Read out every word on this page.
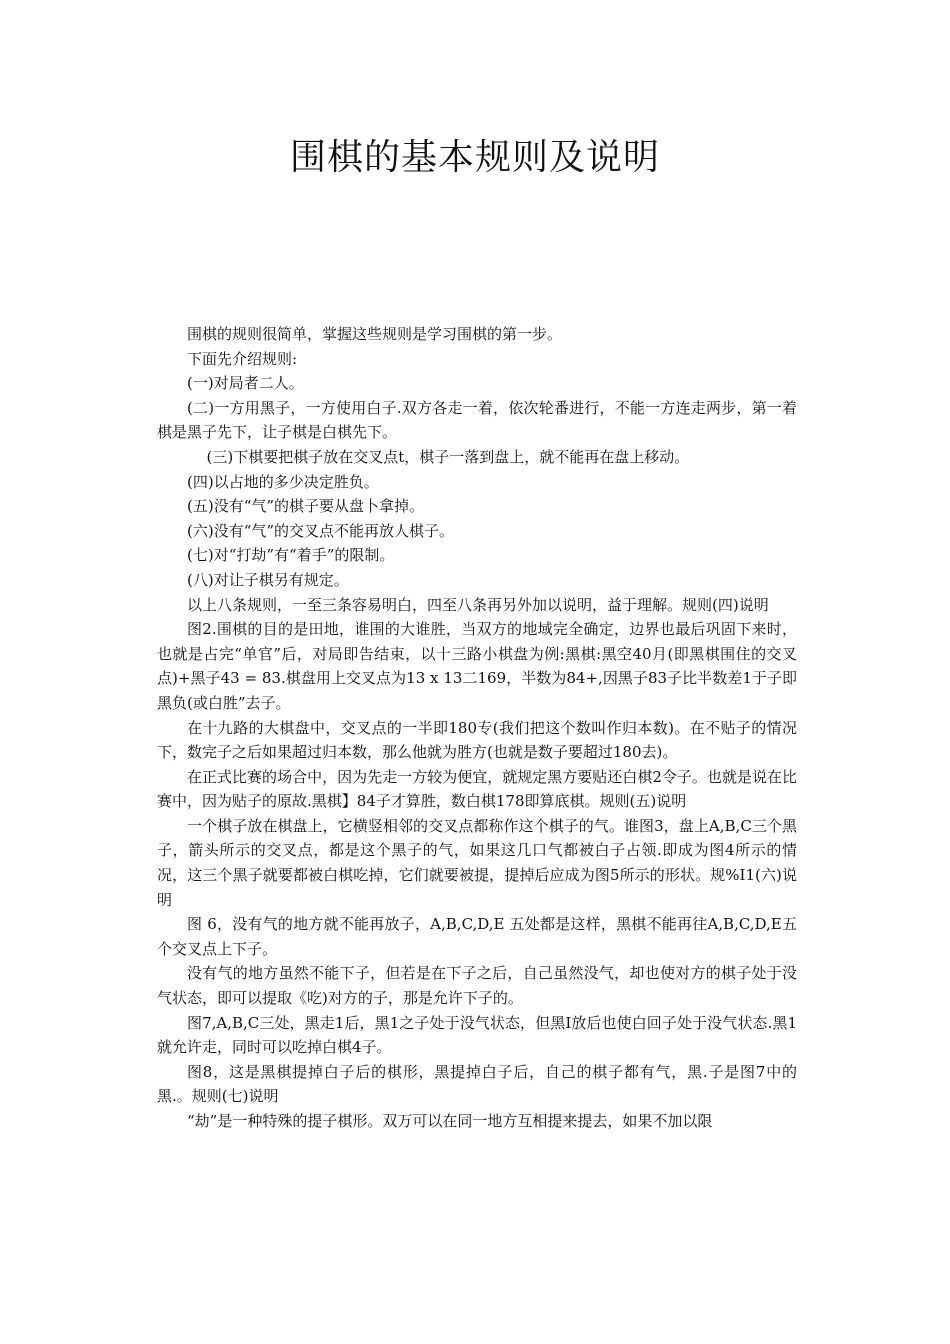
围棋的基本规则及说明

围棋的规则很简单，掌握这些规则是学习围棋的第一步。

下面先介绍规则:

(一)对局者二人。

(二)一方用黑子，一方使用白子.双方各走一着，依次轮番进行，不能一方连走两步，第一着棋是黑子先下，让子棋是白棋先下。

(三)下棋要把棋子放在交叉点t，棋子一落到盘上，就不能再在盘上移动。

(四)以占地的多少决定胜负。

(五)没有“气”的棋子要从盘卜拿掉。

(六)没有“气”的交叉点不能再放人棋子。

(七)对“打劫”有“着手”的限制。

(八)对让子棋另有规定。

以上八条规则，一至三条容易明白，四至八条再另外加以说明，益于理解。规则(四)说明

图2.围棋的目的是田地，谁围的大谁胜，当双方的地域完全确定，边界也最后巩固下来时，也就是占完“单官”后，对局即告结束，以十三路小棋盘为例:黑棋:黑空40月(即黑棋围住的交叉点)+黑子43 = 83.棋盘用上交叉点为13 x 13二169，半数为84+,因黑子83子比半数差1于子即黑负(或白胜”去子。

在十九路的大棋盘中，交叉点的一半即180专(我们把这个数叫作归本数)。在不贴子的情况下，数完子之后如果超过归本数，那么他就为胜方(也就是数子要超过180去)。

在正式比赛的场合中，因为先走一方较为便宜，就规定黑方要贴还白棋2令子。也就是说在比赛中，因为贴子的原故.黑棋】84子才算胜，数白棋178即算底棋。规则(五)说明

一个棋子放在棋盘上，它横竖相邻的交叉点都称作这个棋子的气。谁图3，盘上A,B,C三个黑子，箭头所示的交叉点，都是这个黑子的气，如果这几口气都被白子占领.即成为图4所示的情况，这三个黑子就要都被白棋吃掉，它们就要被提，提掉后应成为图5所示的形状。规%I1(六)说明

图 6，没有气的地方就不能再放子，A,B,C,D,E 五处都是这样，黑棋不能再往A,B,C,D,E五个交叉点上下子。

没有气的地方虽然不能下子，但若是在下子之后，自己虽然没气，却也使对方的棋子处于没气状态，即可以提取《吃)对方的子，那是允许下子的。

图7,A,B,C三处，黑走1后，黑1之子处于没气状态，但黑I放后也使白回子处于没气状态.黑1就允许走，同时可以吃掉白棋4子。

图8，这是黑棋提掉白子后的棋形，黑提掉白子后，自己的棋子都有气，黑.子是图7中的黑.。规则(七)说明

“劫”是一种特殊的提子棋形。双万可以在同一地方互相提来提去，如果不加以限
